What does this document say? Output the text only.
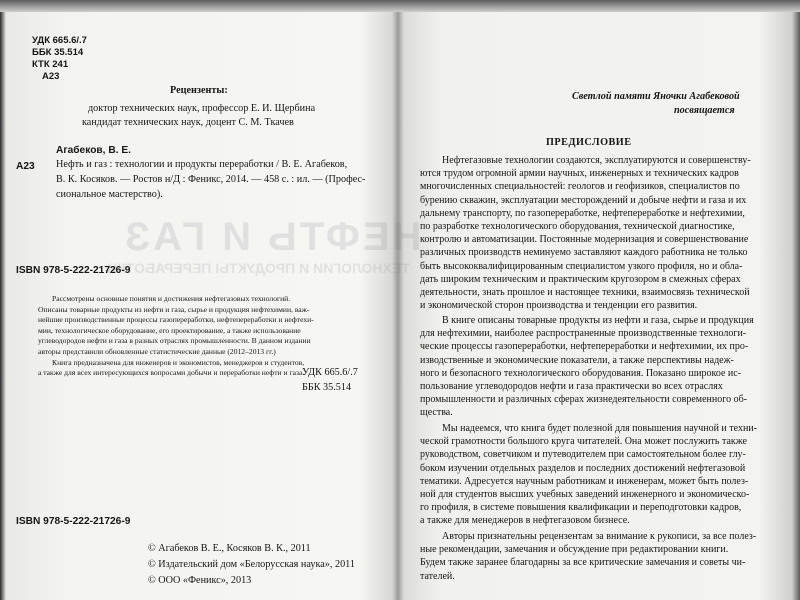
НЕФТЬ И ГАЗ
ТЕХНОЛОГИИ И ПРОДУКТЫ ПЕРЕРАБОТКИ
УДК 665.6/.7
ББК 35.514
КТК 241
А23
Рецензенты:
доктор технических наук, профессор Е. И. Щербина
кандидат технических наук, доцент С. М. Ткачев
Агабеков, В. Е.
А23 Нефть и газ : технологии и продукты переработки / В. Е. Агабеков,
В. К. Косяков. — Ростов н/Д : Феникс, 2014. — 458 с. : ил. — (Профес-
сиональное мастерство).
ISBN 978-5-222-21726-9
Рассмотрены основные понятия и достижения нефтегазовых технологий.
Описаны товарные продукты из нефти и газа, сырье и продукция нефтехимии, важ-
нейшие производственные процессы газопереработки, нефтепереработки и нефтехи-
мии, технологическое оборудование, его проектирование, а также использование
углеводородов нефти и газа в разных отраслях промышленности. В данном издании
авторы представили обновленные статистические данные (2012–2013 гг.)
Книга предназначена для инженеров и экономистов, менеджеров и студентов,
а также для всех интересующихся вопросами добычи и переработки нефти и газа.
УДК 665.6/.7
ББК 35.514
ISBN 978-5-222-21726-9
© Агабеков В. Е., Косяков В. К., 2011
© Издательский дом «Белорусская наука», 2011
© ООО «Феникс», 2013
Светлой памяти Яночки Агабековой
посвящается
ПРЕДИСЛОВИЕ
Нефтегазовые технологии создаются, эксплуатируются и совершенству-
ются трудом огромной армии научных, инженерных и технических кадров
многочисленных специальностей: геологов и геофизиков, специалистов по
бурению скважин, эксплуатации месторождений и добыче нефти и газа и их
дальнему транспорту, по газопереработке, нефтепереработке и нефтехимии,
по разработке технологического оборудования, технической диагностике,
контролю и автоматизации. Постоянные модернизация и совершенствование
различных производств неминуемо заставляют каждого работника не только
быть высококвалифицированным специалистом узкого профиля, но и обла-
дать широким техническим и практическим кругозором в смежных сферах
деятельности, знать прошлое и настоящее техники, взаимосвязь технической
и экономической сторон производства и тенденции его развития.
В книге описаны товарные продукты из нефти и газа, сырье и продукция
для нефтехимии, наиболее распространенные производственные технологи-
ческие процессы газопереработки, нефтепереработки и нефтехимии, их про-
изводственные и экономические показатели, а также перспективы надеж-
ного и безопасного технологического оборудования. Показано широкое ис-
пользование углеводородов нефти и газа практически во всех отраслях
промышленности и различных сферах жизнедеятельности современного об-
щества.
Мы надеемся, что книга будет полезной для повышения научной и техни-
ческой грамотности большого круга читателей. Она может послужить также
руководством, советчиком и путеводителем при самостоятельном более глу-
боком изучении отдельных разделов и последних достижений нефтегазовой
тематики. Адресуется научным работникам и инженерам, может быть полез-
ной для студентов высших учебных заведений инженерного и экономическо-
го профиля, в системе повышения квалификации и переподготовки кадров,
а также для менеджеров в нефтегазовом бизнесе.
Авторы признательны рецензентам за внимание к рукописи, за все полез-
ные рекомендации, замечания и обсуждение при редактировании книги.
Будем также заранее благодарны за все критические замечания и советы чи-
тателей.
